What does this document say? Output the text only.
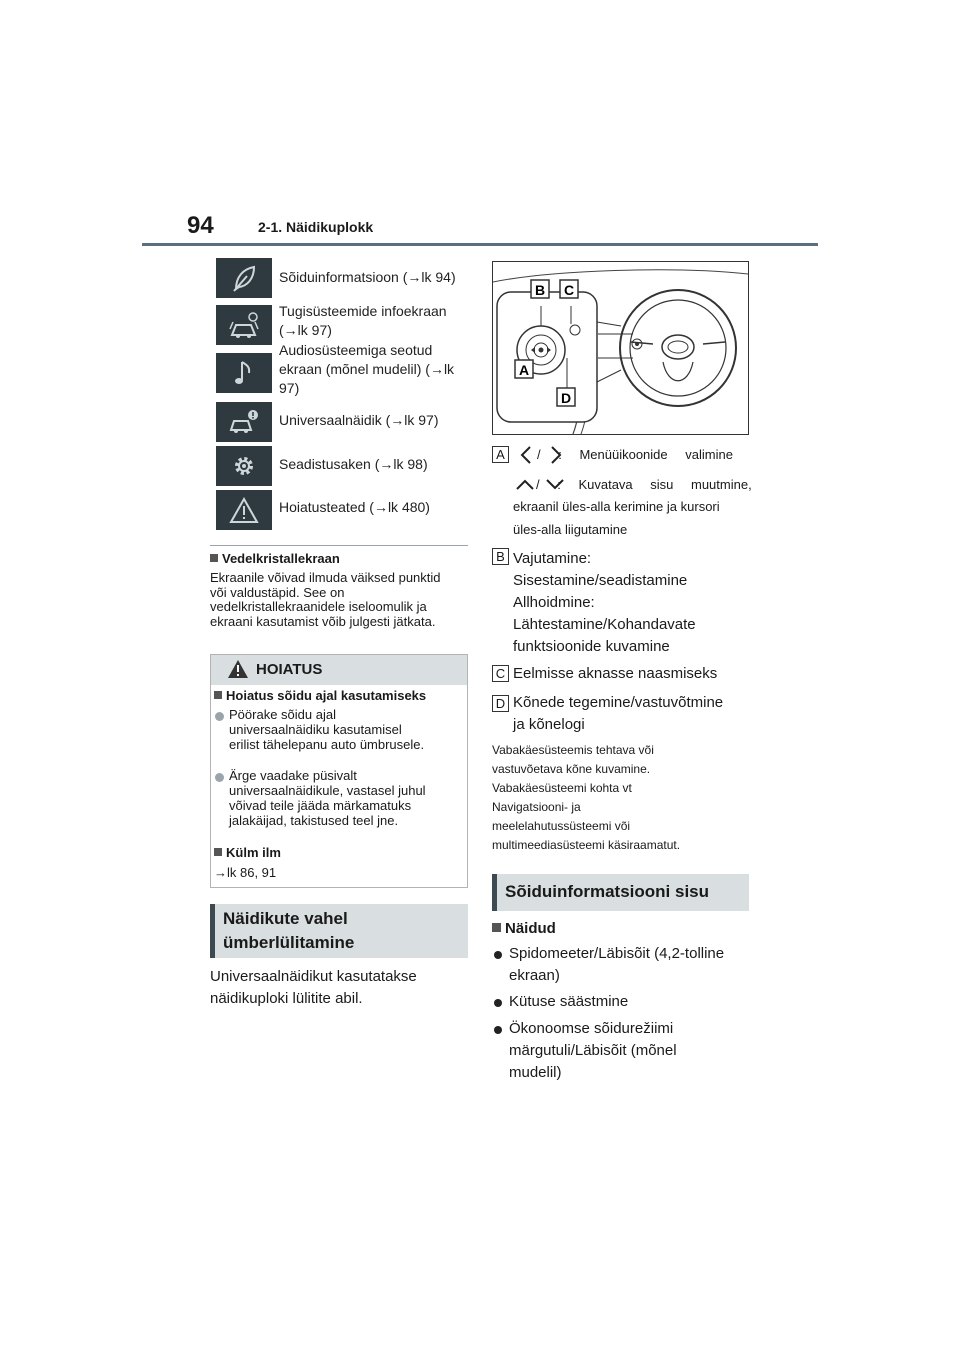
94	2-1. Näidikuplokk
Sõiduinformatsioon (→lk 94)
Tugisüsteemide infoekraan
(→lk 97)
Audiosüsteemiga seotud
ekraan (mõnel mudelil) (→lk
97)
Universaalnäidik (→lk 97)
Seadistusaken (→lk 98)
Hoiatusteated (→lk 480)
Vedelkristallekraan
Ekraanile võivad ilmuda väiksed punktid
või valdustäpid. See on
vedelkristallekraanidele iseloomulik ja
ekraani kasutamist võib julgesti jätkata.
HOIATUS
Hoiatus sõidu ajal kasutamiseks
Pöörake sõidu ajal
universaalnäidiku kasutamisel
erilist tähelepanu auto ümbrusele.
Ärge vaadake püsivalt
universaalnäidikule, vastasel juhul
võivad teile jääda märkamatuks
jalakäijad, takistused teel jne.
Külm ilm
→lk 86, 91
Näidikute vahel
ümberlülitamine
Universaalnäidikut kasutatakse
näidikuploki lülitite abil.
B C
A
D
A	/ : Menüüikoonide valimine
/ : Kuvatava sisu muutmine,
ekraanil üles-alla kerimine ja kursori
üles-alla liigutamine
B Vajutamine:
Sisestamine/seadistamine
Allhoidmine:
Lähtestamine/Kohandavate
funktsioonide kuvamine
C Eelmisse aknasse naasmiseks
D Kõnede tegemine/vastuvõtmine
ja kõnelogi
Vabakäesüsteemis tehtava või
vastuvõetava kõne kuvamine.
Vabakäesüsteemi kohta vt
Navigatsiooni- ja
meelelahutussüsteemi või
multimeediasüsteemi käsiraamatut.
Sõiduinformatsiooni sisu
Näidud
Spidomeeter/Läbisõit (4,2-tolline
ekraan)
Kütuse säästmine
Ökonoomse sõidurežiimi
märgutuli/Läbisõit (mõnel
mudelil)
